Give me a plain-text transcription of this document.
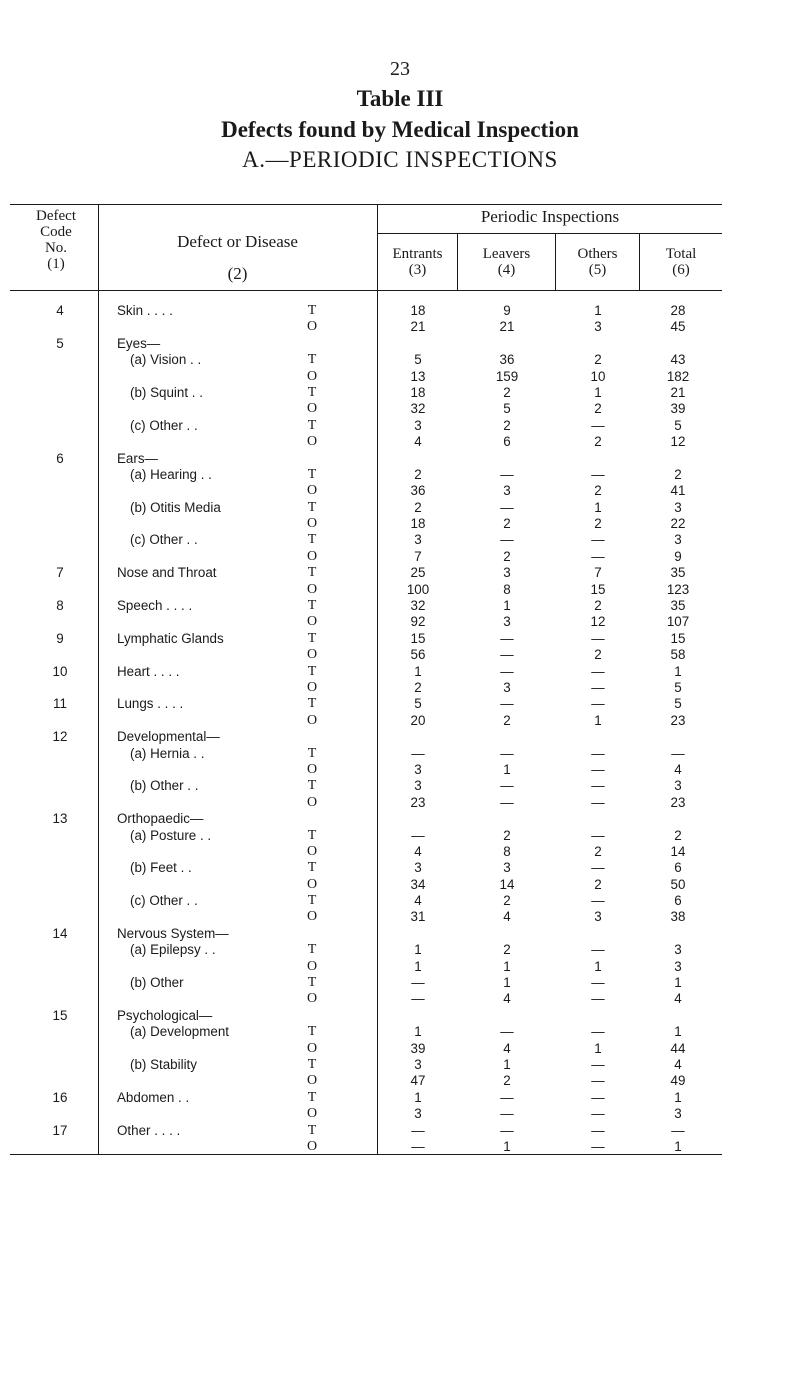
23
Table III
Defects found by Medical Inspection
A.—PERIODIC INSPECTIONS
Defect Code No.
(1)
Defect or Disease
(2)
Periodic Inspections
Entrants
(3)
Leavers
(4)
Others
(5)
Total
(6)
4	Skin . . . .	T	18	9	1	28
O	21	21	3	45
5	Eyes—
(a) Vision . .	T	5	36	2	43
O	13	159	10	182
(b) Squint . .	T	18	2	1	21
O	32	5	2	39
(c) Other . .	T	3	2	—	5
O	4	6	2	12
6	Ears—
(a) Hearing . .	T	2	—	—	2
O	36	3	2	41
(b) Otitis Media	T	2	—	1	3
O	18	2	2	22
(c) Other . .	T	3	—	—	3
O	7	2	—	9
7	Nose and Throat	T	25	3	7	35
O	100	8	15	123
8	Speech . . . .	T	32	1	2	35
O	92	3	12	107
9	Lymphatic Glands	T	15	—	—	15
O	56	—	2	58
10	Heart . . . .	T	1	—	—	1
O	2	3	—	5
11	Lungs . . . .	T	5	—	—	5
O	20	2	1	23
12	Developmental—
(a) Hernia . .	T	—	—	—	—
O	3	1	—	4
(b) Other . .	T	3	—	—	3
O	23	—	—	23
13	Orthopaedic—
(a) Posture . .	T	—	2	—	2
O	4	8	2	14
(b) Feet . .	T	3	3	—	6
O	34	14	2	50
(c) Other . .	T	4	2	—	6
O	31	4	3	38
14	Nervous System—
(a) Epilepsy . .	T	1	2	—	3
O	1	1	1	3
(b) Other	T	—	1	—	1
O	—	4	—	4
15	Psychological—
(a) Development	T	1	—	—	1
O	39	4	1	44
(b) Stability	T	3	1	—	4
O	47	2	—	49
16	Abdomen . .	T	1	—	—	1
O	3	—	—	3
17	Other . . . .	T	—	—	—	—
O	—	1	—	1
